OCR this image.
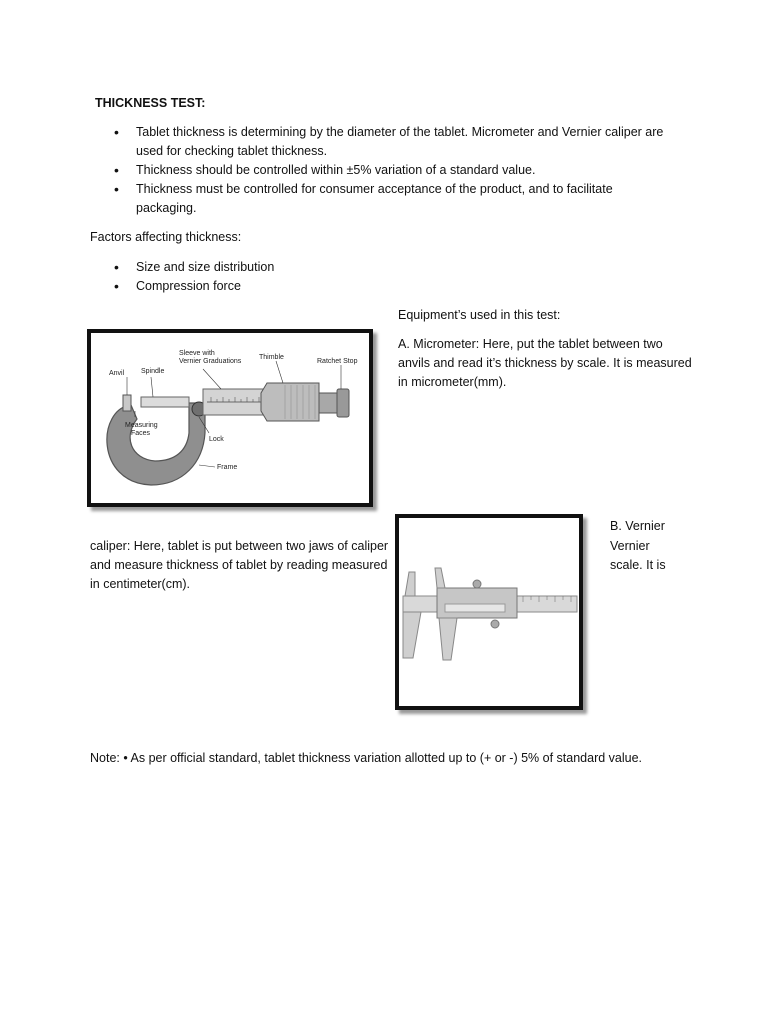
THICKNESS TEST:
• Tablet thickness is determining by the diameter of the tablet. Micrometer and Vernier caliper are used for checking tablet thickness.
• Thickness should be controlled within ±5% variation of a standard value.
• Thickness must be controlled for consumer acceptance of the product, and to facilitate packaging.
Factors affecting thickness:
• Size and size distribution
• Compression force
Equipment’s used in this test:
A. Micrometer: Here, put the tablet between two anvils and read it’s thickness by scale. It is measured in micrometer(mm).
Anvil Spindle
Sleeve with
Vernier Graduations
Thimble
Ratchet Stop
Measuring
Faces
Lock
Frame
B. Vernier
Vernier
scale. It is
caliper: Here, tablet is put between two jaws of caliper and measure thickness of tablet by reading measured in centimeter(cm).
Note: • As per official standard, tablet thickness variation allotted up to (+ or -) 5% of standard value.
